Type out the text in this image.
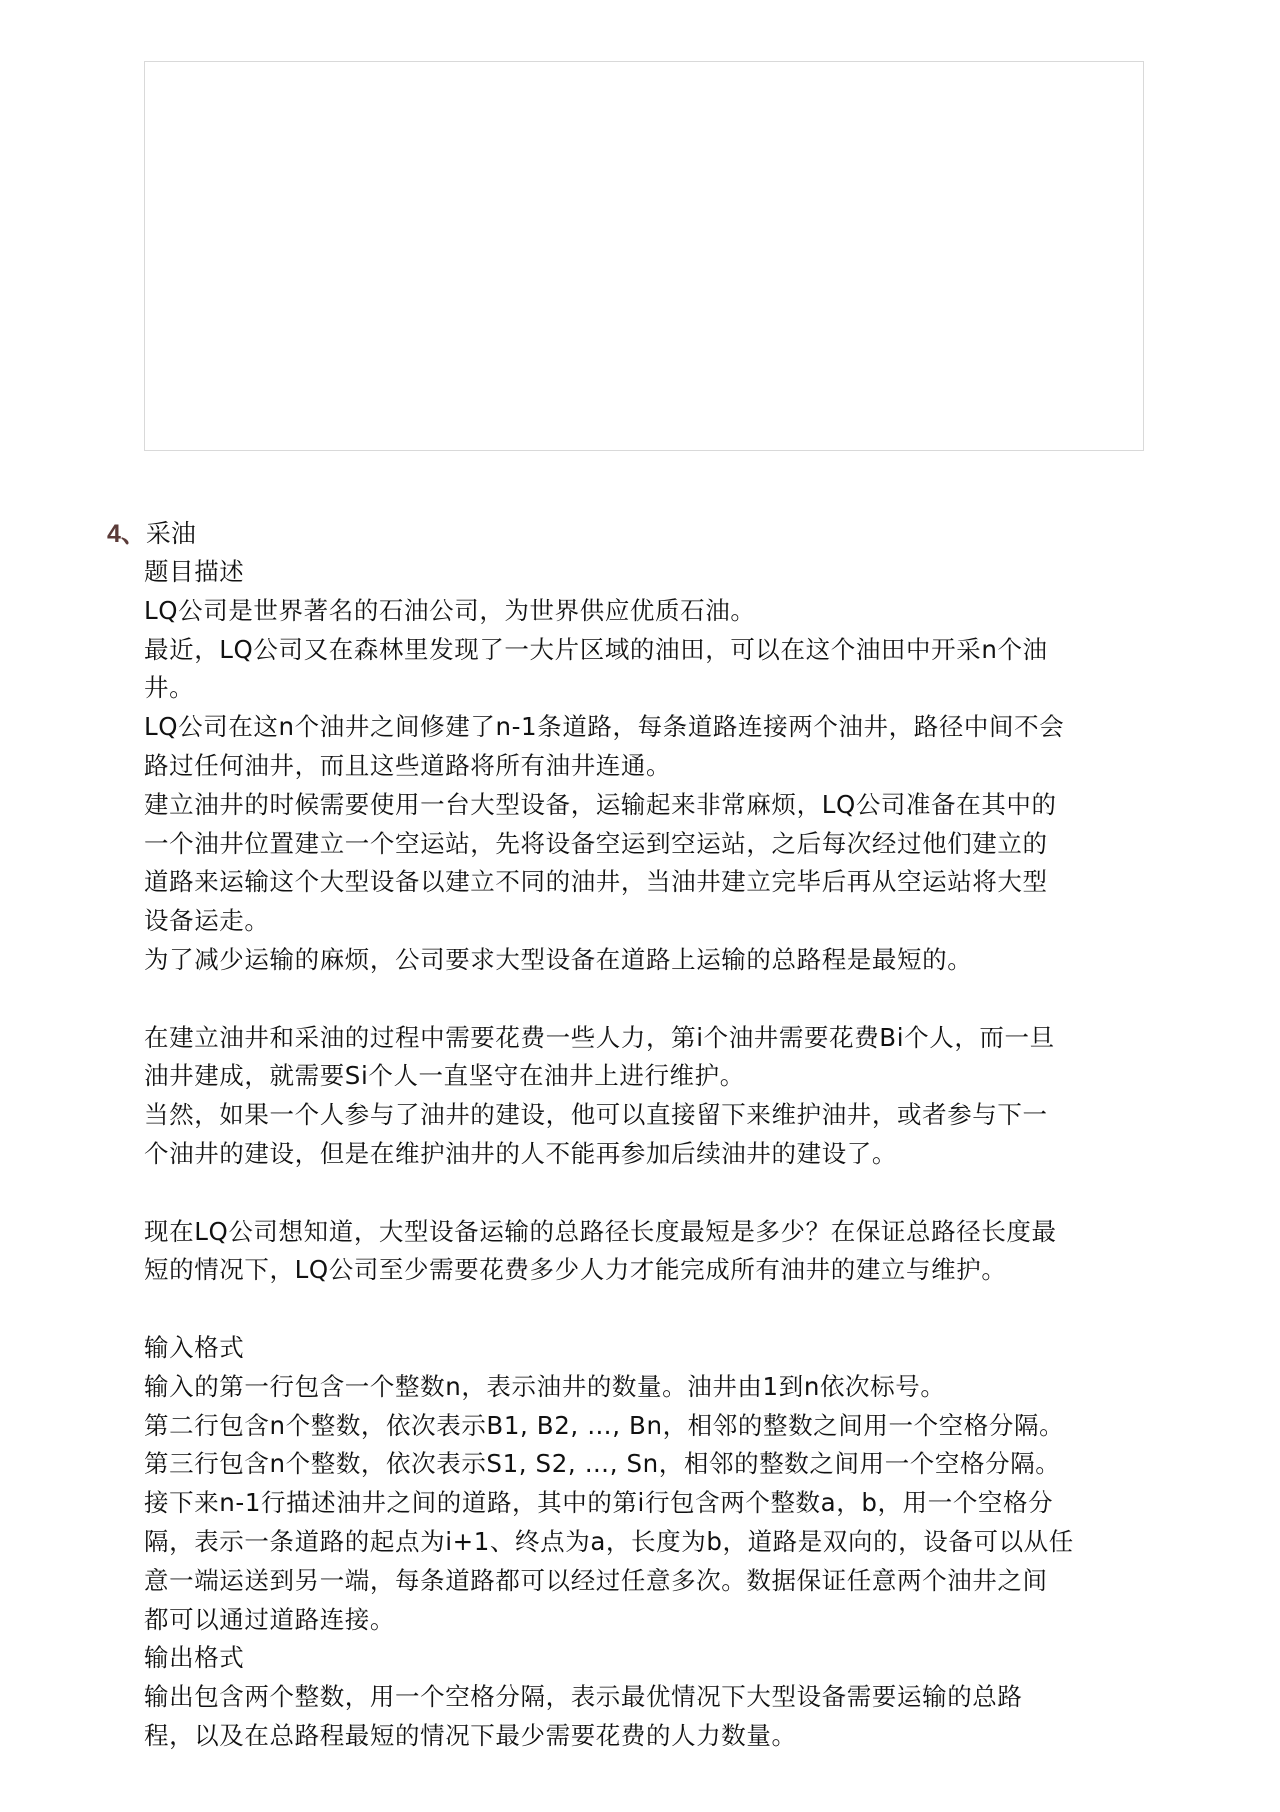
4、采油

题目描述

LQ公司是世界著名的石油公司，为世界供应优质石油。

最近，LQ公司又在森林里发现了一大片区域的油田，可以在这个油田中开采n个油

井。

LQ公司在这n个油井之间修建了n-1条道路，每条道路连接两个油井，路径中间不会

路过任何油井，而且这些道路将所有油井连通。

建立油井的时候需要使用一台大型设备，运输起来非常麻烦，LQ公司准备在其中的

一个油井位置建立一个空运站，先将设备空运到空运站，之后每次经过他们建立的

道路来运输这个大型设备以建立不同的油井，当油井建立完毕后再从空运站将大型

设备运走。

为了减少运输的麻烦，公司要求大型设备在道路上运输的总路程是最短的。

在建立油井和采油的过程中需要花费一些人力，第i个油井需要花费Bi个人，而一旦

油井建成，就需要Si个人一直坚守在油井上进行维护。

当然，如果一个人参与了油井的建设，他可以直接留下来维护油井，或者参与下一

个油井的建设，但是在维护油井的人不能再参加后续油井的建设了。

现在LQ公司想知道，大型设备运输的总路径长度最短是多少？在保证总路径长度最

短的情况下，LQ公司至少需要花费多少人力才能完成所有油井的建立与维护。

输入格式

输入的第一行包含一个整数n，表示油井的数量。油井由1到n依次标号。

第二行包含n个整数，依次表示B1, B2, …, Bn，相邻的整数之间用一个空格分隔。

第三行包含n个整数，依次表示S1, S2, …, Sn，相邻的整数之间用一个空格分隔。

接下来n-1行描述油井之间的道路，其中的第i行包含两个整数a，b，用一个空格分

隔，表示一条道路的起点为i+1、终点为a，长度为b，道路是双向的，设备可以从任

意一端运送到另一端，每条道路都可以经过任意多次。数据保证任意两个油井之间

都可以通过道路连接。

输出格式

输出包含两个整数，用一个空格分隔，表示最优情况下大型设备需要运输的总路

程，以及在总路程最短的情况下最少需要花费的人力数量。
